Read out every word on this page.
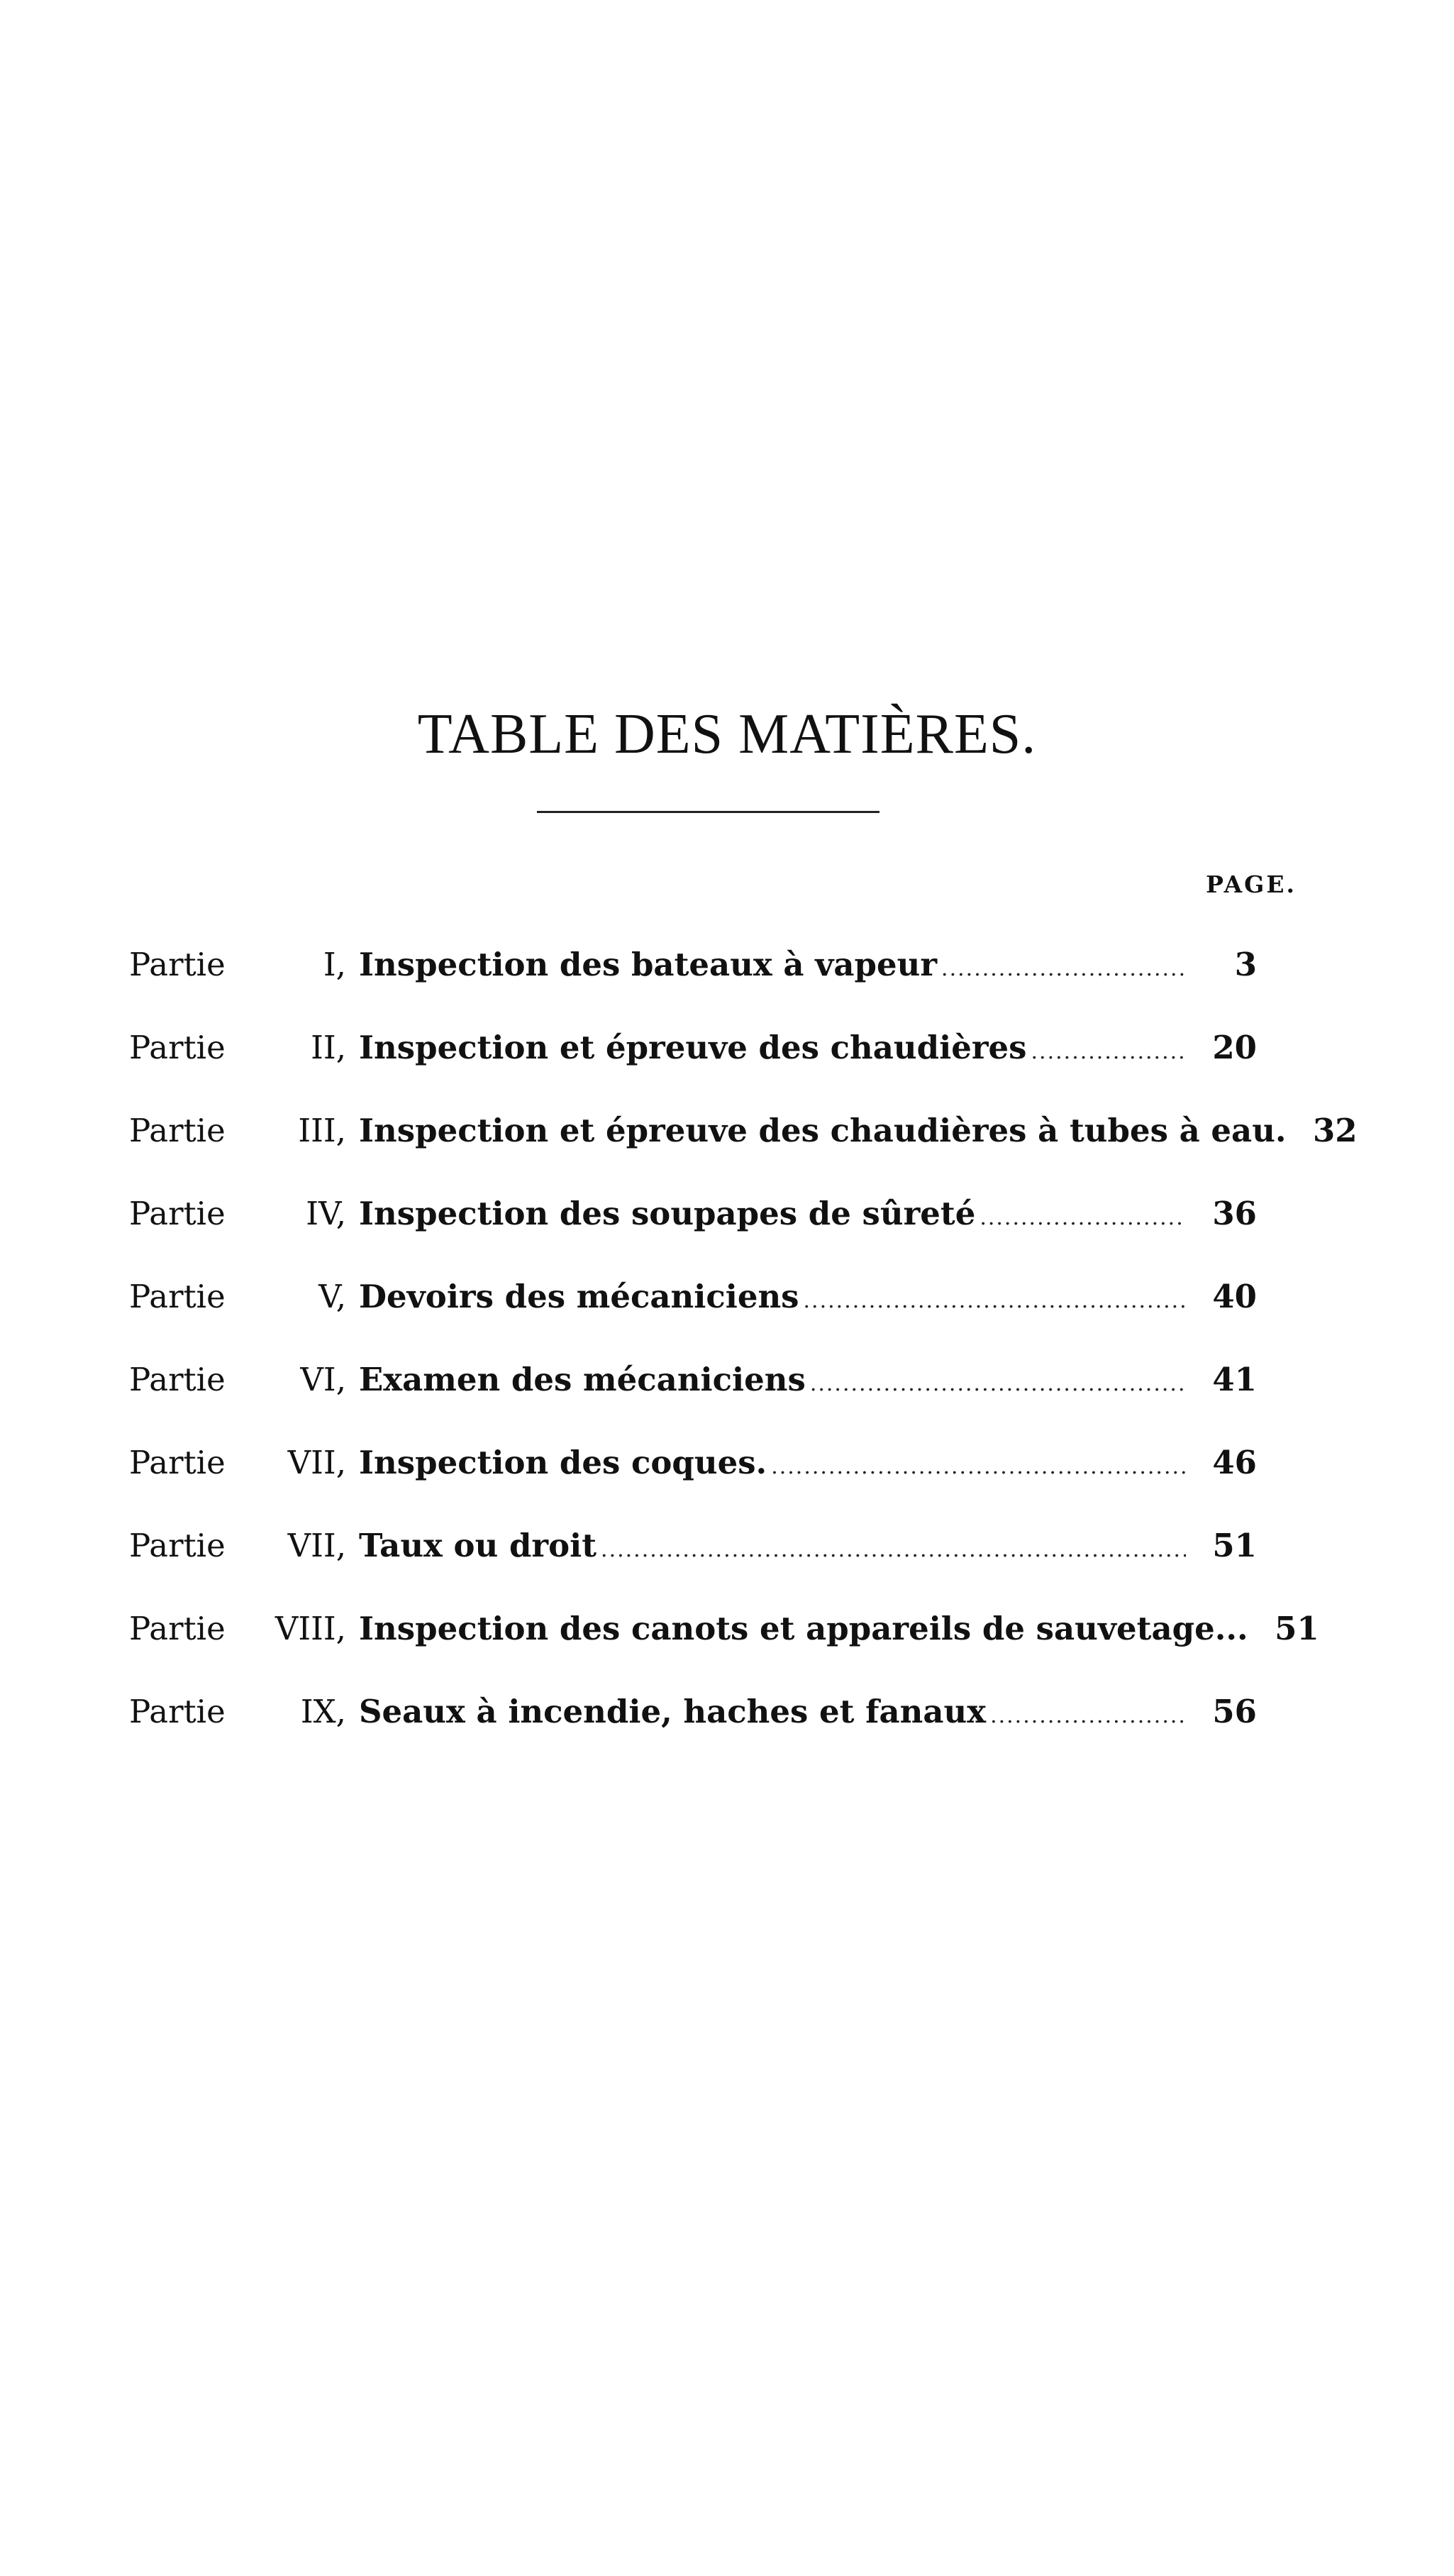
TABLE DES MATIÈRES.
PAGE.
Partie	I, Inspection des bateaux à vapeur .....	3
Partie	II, Inspection et épreuve des chaudières .....	20
Partie	III, Inspection et épreuve des chaudières à tubes à eau. 32
Partie	IV, Inspection des soupapes de sûreté .....	36
Partie	V, Devoirs des mécaniciens .....	40
Partie	VI, Examen des mécaniciens .....	41
Partie	VII, Inspection des coques. .....	46
Partie	VII, Taux ou droit .....	51
Partie	VIII, Inspection des canots et appareils de sauvetage... 51
Partie	IX, Seaux à incendie, haches et fanaux .....	56
